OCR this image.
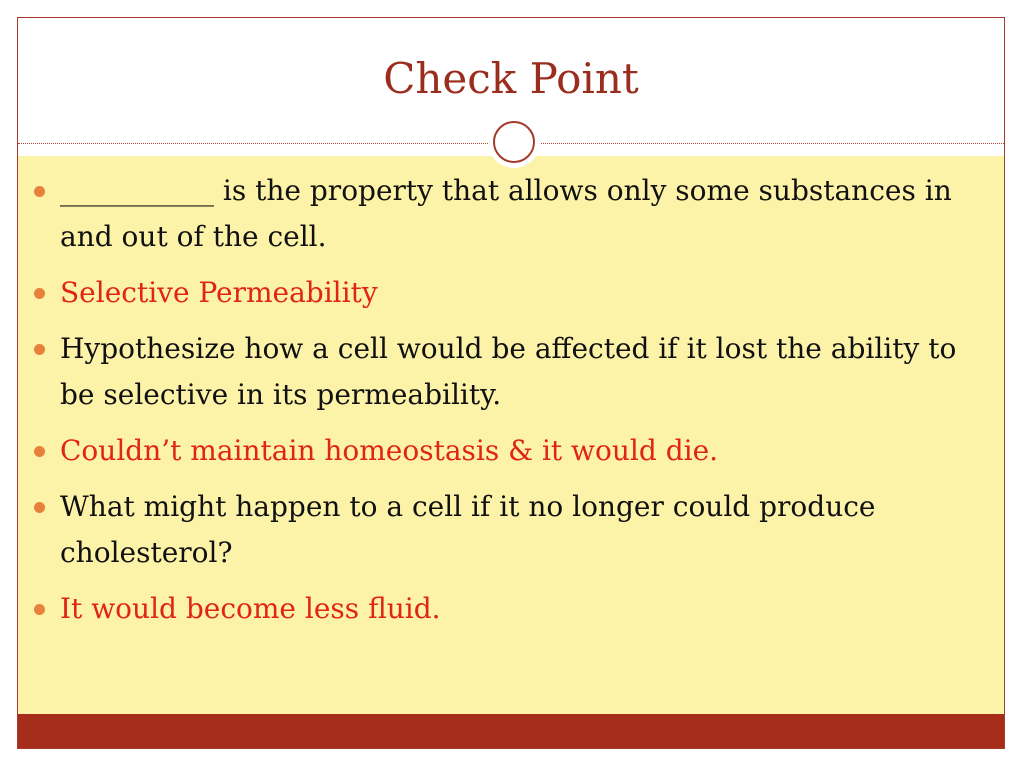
Check Point
___________ is the property that allows only some substances in and out of the cell.
Selective Permeability
Hypothesize how a cell would be affected if it lost the ability to be selective in its permeability.
Couldn’t maintain homeostasis & it would die.
What might happen to a cell if it no longer could produce cholesterol?
It would become less fluid.
